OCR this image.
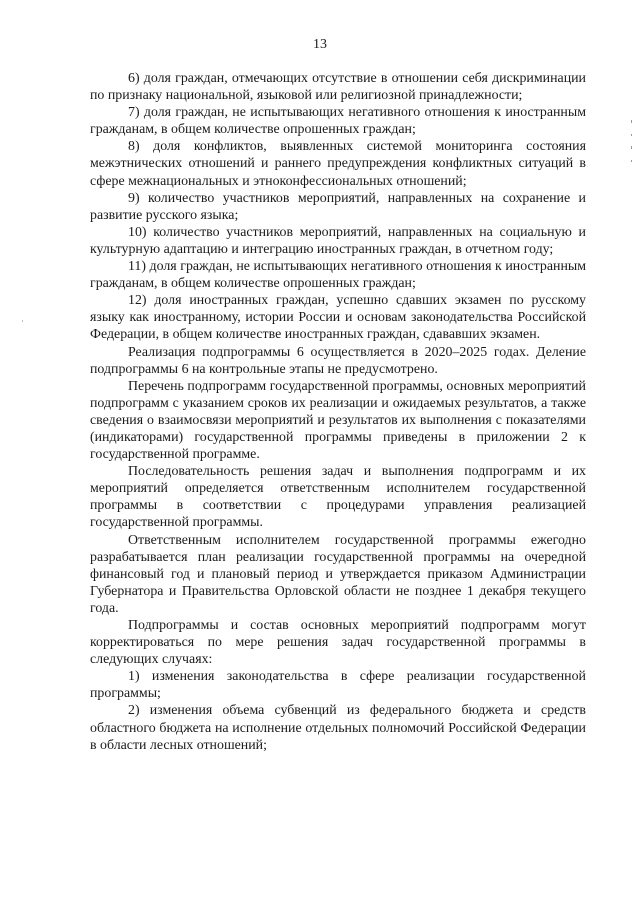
13

6) доля граждан, отмечающих отсутствие в отношении себя дискриминации по признаку национальной, языковой или религиозной принадлежности;

7) доля граждан, не испытывающих негативного отношения к иностранным гражданам, в общем количестве опрошенных граждан;

8) доля конфликтов, выявленных системой мониторинга состояния межэтнических отношений и раннего предупреждения конфликтных ситуаций в сфере межнациональных и этноконфессиональных отношений;

9) количество участников мероприятий, направленных на сохранение и развитие русского языка;

10) количество участников мероприятий, направленных на социальную и культурную адаптацию и интеграцию иностранных граждан, в отчетном году;

11) доля граждан, не испытывающих негативного отношения к иностранным гражданам, в общем количестве опрошенных граждан;

12) доля иностранных граждан, успешно сдавших экзамен по русскому языку как иностранному, истории России и основам законодательства Российской Федерации, в общем количестве иностранных граждан, сдававших экзамен.

Реализация подпрограммы 6 осуществляется в 2020–2025 годах. Деление подпрограммы 6 на контрольные этапы не предусмотрено.

Перечень подпрограмм государственной программы, основных мероприятий подпрограмм с указанием сроков их реализации и ожидаемых результатов, а также сведения о взаимосвязи мероприятий и результатов их выполнения с показателями (индикаторами) государственной программы приведены в приложении 2 к государственной программе.

Последовательность решения задач и выполнения подпрограмм и их мероприятий определяется ответственным исполнителем государственной программы в соответствии с процедурами управления реализацией государственной программы.

Ответственным исполнителем государственной программы ежегодно разрабатывается план реализации государственной программы на очередной финансовый год и плановый период и утверждается приказом Администрации Губернатора и Правительства Орловской области не позднее 1 декабря текущего года.

Подпрограммы и состав основных мероприятий подпрограмм могут корректироваться по мере решения задач государственной программы в следующих случаях:

1) изменения законодательства в сфере реализации государственной программы;

2) изменения объема субвенций из федерального бюджета и средств областного бюджета на исполнение отдельных полномочий Российской Федерации в области лесных отношений;
